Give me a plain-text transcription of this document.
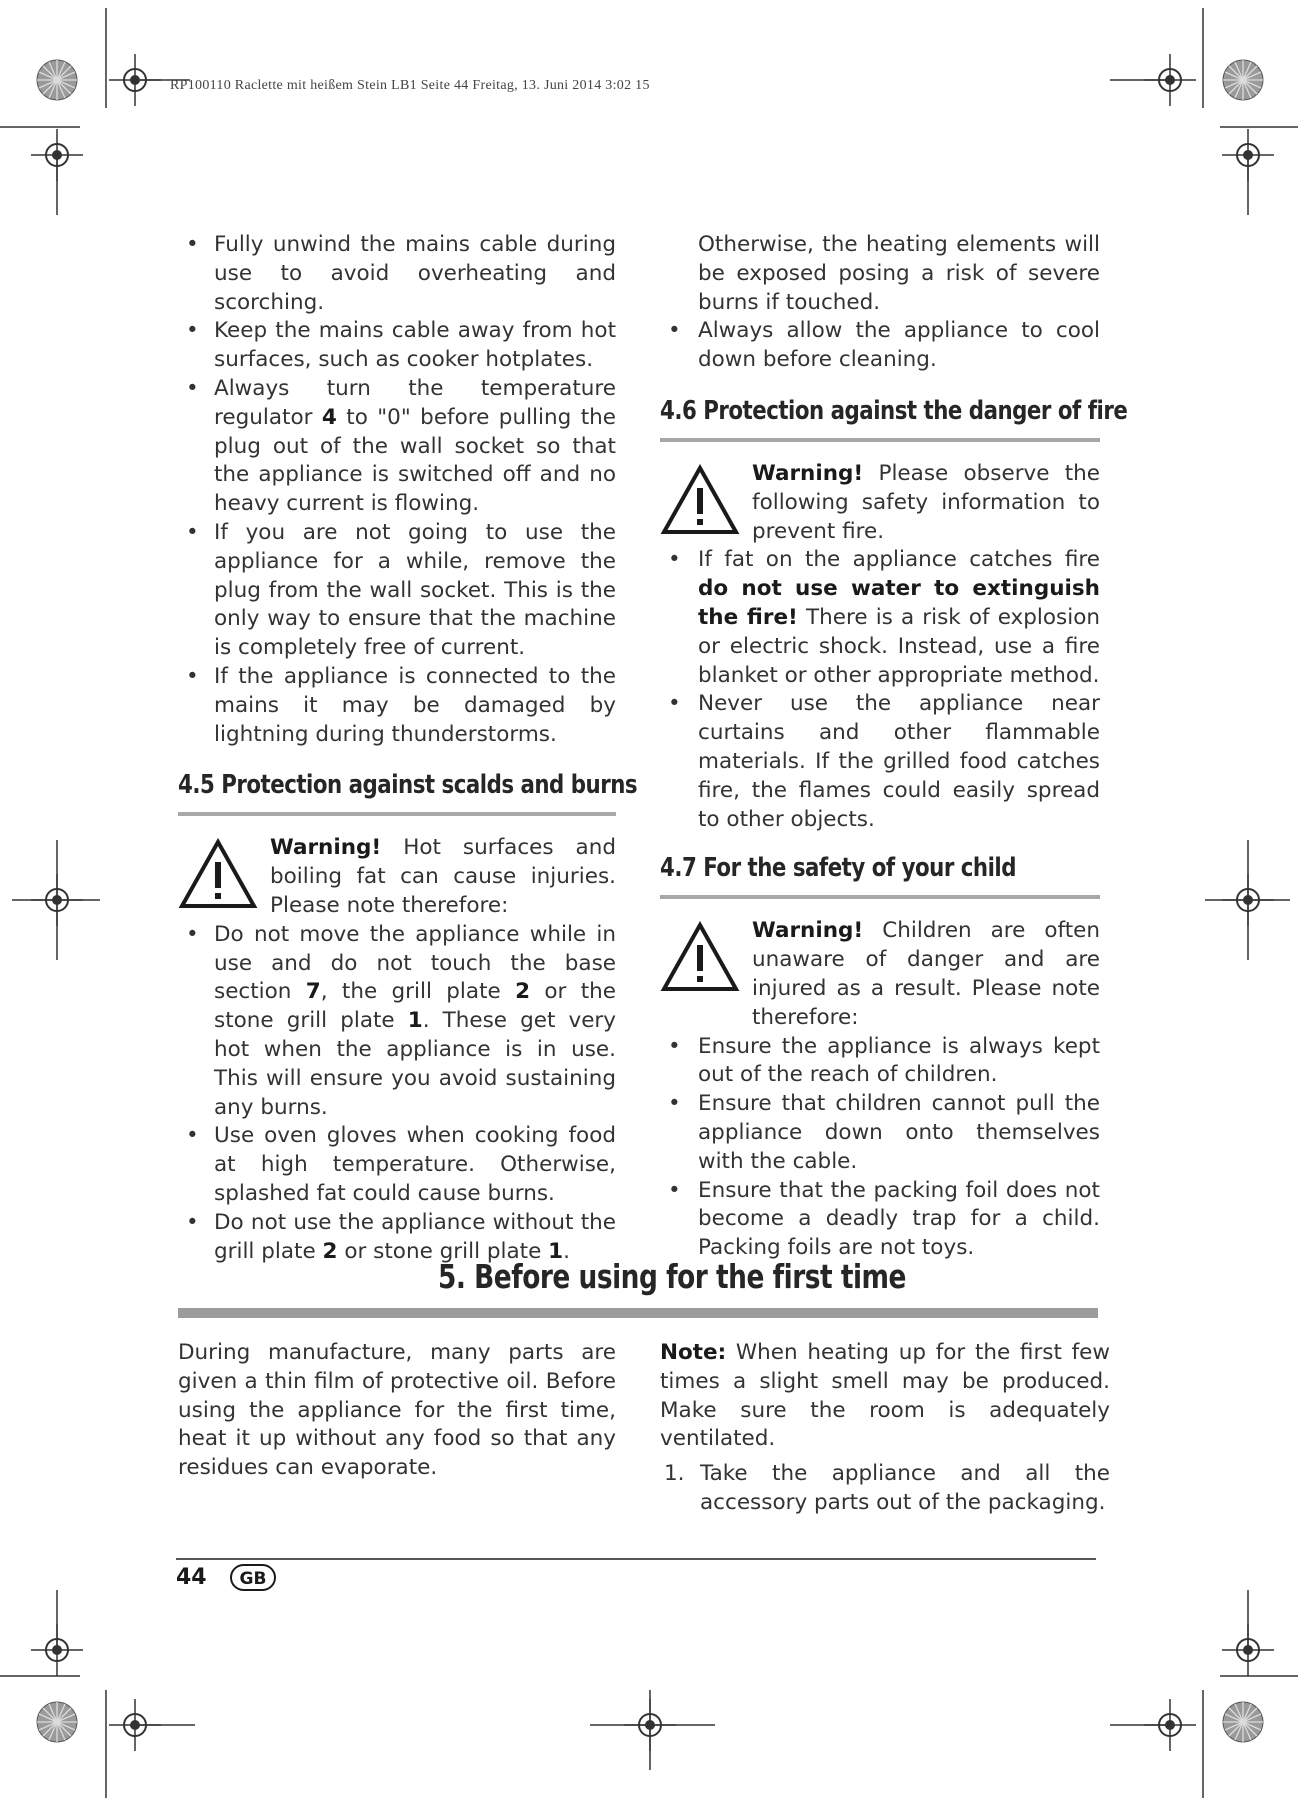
RP100110 Raclette mit heißem Stein LB1 Seite 44 Freitag, 13. Juni 2014 3:02 15

• Fully unwind the mains cable during use to avoid overheating and scorching.

• Keep the mains cable away from hot surfaces, such as cooker hotplates.

• Always turn the temperature regulator 4 to "0" before pulling the plug out of the wall socket so that the appliance is switched off and no heavy current is flowing.

• If you are not going to use the appliance for a while, remove the plug from the wall socket. This is the only way to ensure that the machine is completely free of current.

• If the appliance is connected to the mains it may be damaged by lightning during thunderstorms.

4.5 Protection against scalds and burns
Warning! Hot surfaces and boiling fat can cause injuries. Please note therefore:

• Do not move the appliance while in use and do not touch the base section 7, the grill plate 2 or the stone grill plate 1. These get very hot when the appliance is in use. This will ensure you avoid sustaining any burns.

• Use oven gloves when cooking food at high temperature. Otherwise, splashed fat could cause burns.

• Do not use the appliance without the grill plate 2 or stone grill plate 1.

Otherwise, the heating elements will be exposed posing a risk of severe burns if touched.

• Always allow the appliance to cool down before cleaning.

4.6 Protection against the danger of fire
Warning! Please observe the following safety information to prevent fire.

• If fat on the appliance catches fire do not use water to extinguish the fire! There is a risk of explosion or electric shock. Instead, use a fire blanket or other appropriate method.

• Never use the appliance near curtains and other flammable materials. If the grilled food catches fire, the flames could easily spread to other objects.

4.7 For the safety of your child
Warning! Children are often unaware of danger and are injured as a result. Please note therefore:

• Ensure the appliance is always kept out of the reach of children.

• Ensure that children cannot pull the appliance down onto themselves with the cable.

• Ensure that the packing foil does not become a deadly trap for a child. Packing foils are not toys.

5. Before using for the first time

During manufacture, many parts are given a thin film of protective oil. Before using the appliance for the first time, heat it up without any food so that any residues can evaporate.

Note: When heating up for the first few times a slight smell may be produced. Make sure the room is adequately ventilated.

1. Take the appliance and all the accessory parts out of the packaging.

44	GB
